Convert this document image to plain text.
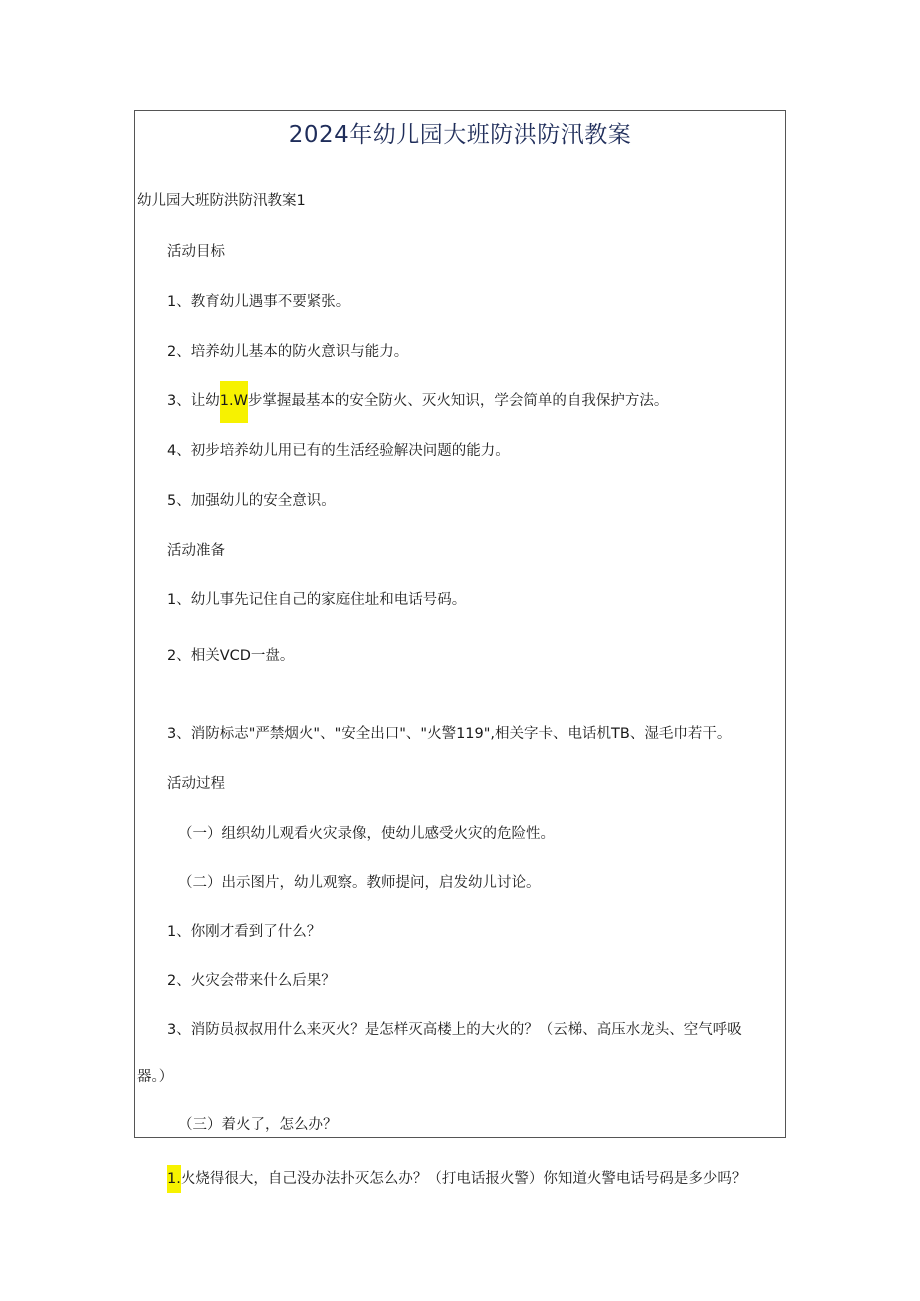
2024年幼儿园大班防洪防汛教案
幼儿园大班防洪防汛教案1
活动目标
1、教育幼儿遇事不要紧张。
2、培养幼儿基本的防火意识与能力。
3、让幼1.W步掌握最基本的安全防火、灭火知识，学会简单的自我保护方法。
4、初步培养幼儿用已有的生活经验解决问题的能力。
5、加强幼儿的安全意识。
活动准备
1、幼儿事先记住自己的家庭住址和电话号码。
2、相关VCD一盘。
3、消防标志"严禁烟火"、"安全出口"、"火警119",相关字卡、电话机TB、湿毛巾若干。
活动过程
（一）组织幼儿观看火灾录像，使幼儿感受火灾的危险性。
（二）出示图片，幼儿观察。教师提问，启发幼儿讨论。
1、你刚才看到了什么？
2、火灾会带来什么后果？
3、消防员叔叔用什么来灭火？是怎样灭高楼上的大火的？（云梯、高压水龙头、空气呼吸
器。）
（三）着火了，怎么办？
1.火烧得很大，自己没办法扑灭怎么办？（打电话报火警）你知道火警电话号码是多少吗？
